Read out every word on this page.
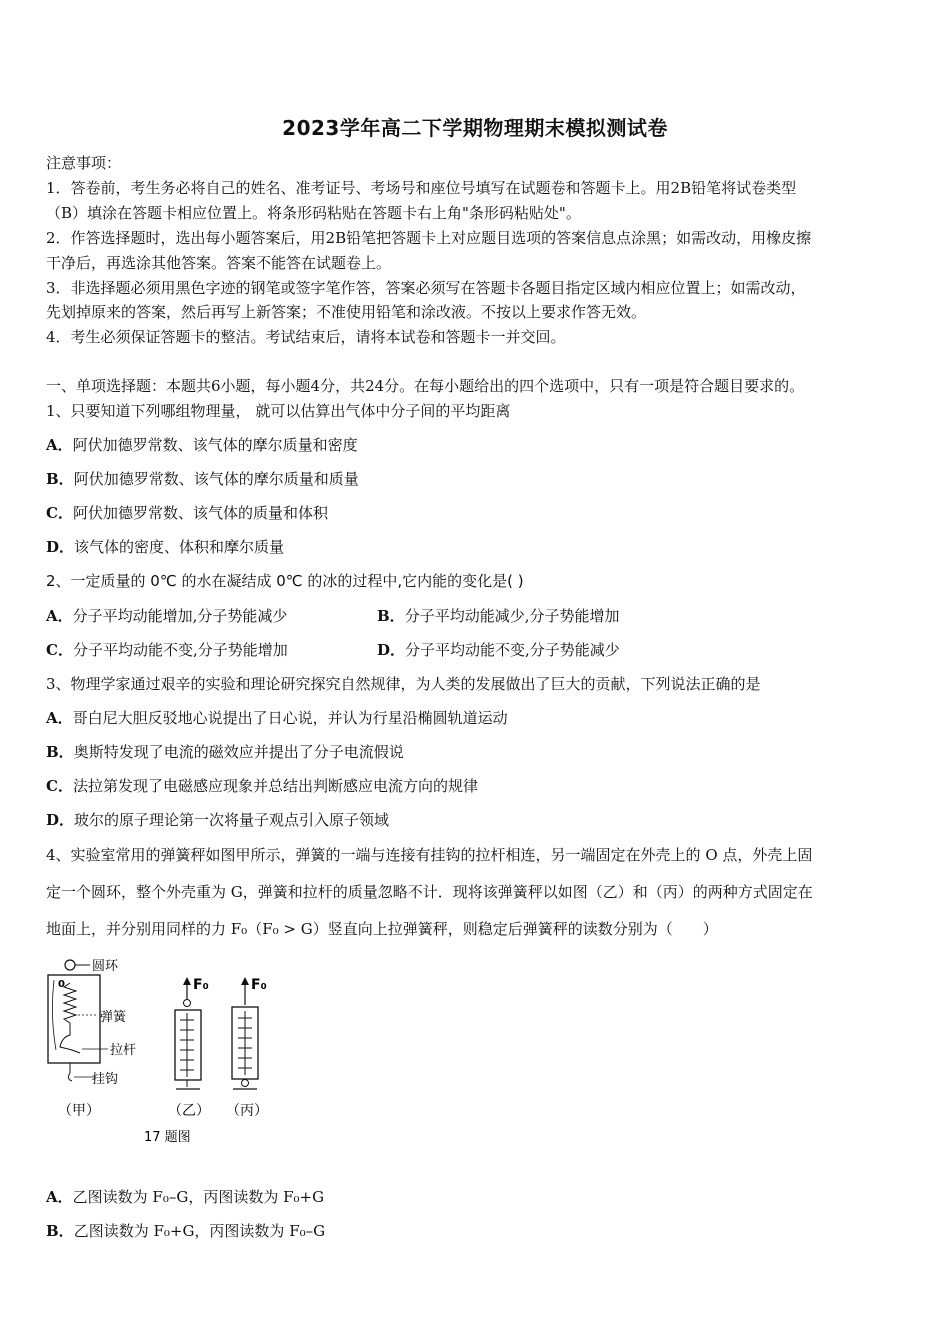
2023学年高二下学期物理期末模拟测试卷
注意事项：
1．答卷前，考生务必将自己的姓名、准考证号、考场号和座位号填写在试题卷和答题卡上。用2B铅笔将试卷类型
（B）填涂在答题卡相应位置上。将条形码粘贴在答题卡右上角"条形码粘贴处"。
2．作答选择题时，选出每小题答案后，用2B铅笔把答题卡上对应题目选项的答案信息点涂黑；如需改动，用橡皮擦
干净后，再选涂其他答案。答案不能答在试题卷上。
3．非选择题必须用黑色字迹的钢笔或签字笔作答，答案必须写在答题卡各题目指定区域内相应位置上；如需改动，
先划掉原来的答案，然后再写上新答案；不准使用铅笔和涂改液。不按以上要求作答无效。
4．考生必须保证答题卡的整洁。考试结束后，请将本试卷和答题卡一并交回。
一、单项选择题：本题共6小题，每小题4分，共24分。在每小题给出的四个选项中，只有一项是符合题目要求的。
1、只要知道下列哪组物理量， 就可以估算出气体中分子间的平均距离
A．阿伏加德罗常数、该气体的摩尔质量和密度
B．阿伏加德罗常数、该气体的摩尔质量和质量
C．阿伏加德罗常数、该气体的质量和体积
D．该气体的密度、体积和摩尔质量
2、一定质量的 0℃ 的水在凝结成 0℃ 的冰的过程中,它内能的变化是( )
A．分子平均动能增加,分子势能减少	B．分子平均动能减少,分子势能增加
C．分子平均动能不变,分子势能增加	D．分子平均动能不变,分子势能减少
3、物理学家通过艰辛的实验和理论研究探究自然规律，为人类的发展做出了巨大的贡献，下列说法正确的是
A．哥白尼大胆反驳地心说提出了日心说，并认为行星沿椭圆轨道运动
B．奥斯特发现了电流的磁效应并提出了分子电流假说
C．法拉第发现了电磁感应现象并总结出判断感应电流方向的规律
D．玻尔的原子理论第一次将量子观点引入原子领域
4、实验室常用的弹簧秤如图甲所示，弹簧的一端与连接有挂钩的拉杆相连，另一端固定在外壳上的 O 点，外壳上固
定一个圆环，整个外壳重为 G，弹簧和拉杆的质量忽略不计．现将该弹簧秤以如图（乙）和（丙）的两种方式固定在
地面上，并分别用同样的力 F₀（F₀ > G）竖直向上拉弹簧秤，则稳定后弹簧秤的读数分别为（　　）
圆环
0
弹簧
拉杆
挂钩
（甲）
F₀
（乙）
F₀
（丙）
17 题图
A．乙图读数为 F₀–G，丙图读数为 F₀+G
B．乙图读数为 F₀+G，丙图读数为 F₀–G
